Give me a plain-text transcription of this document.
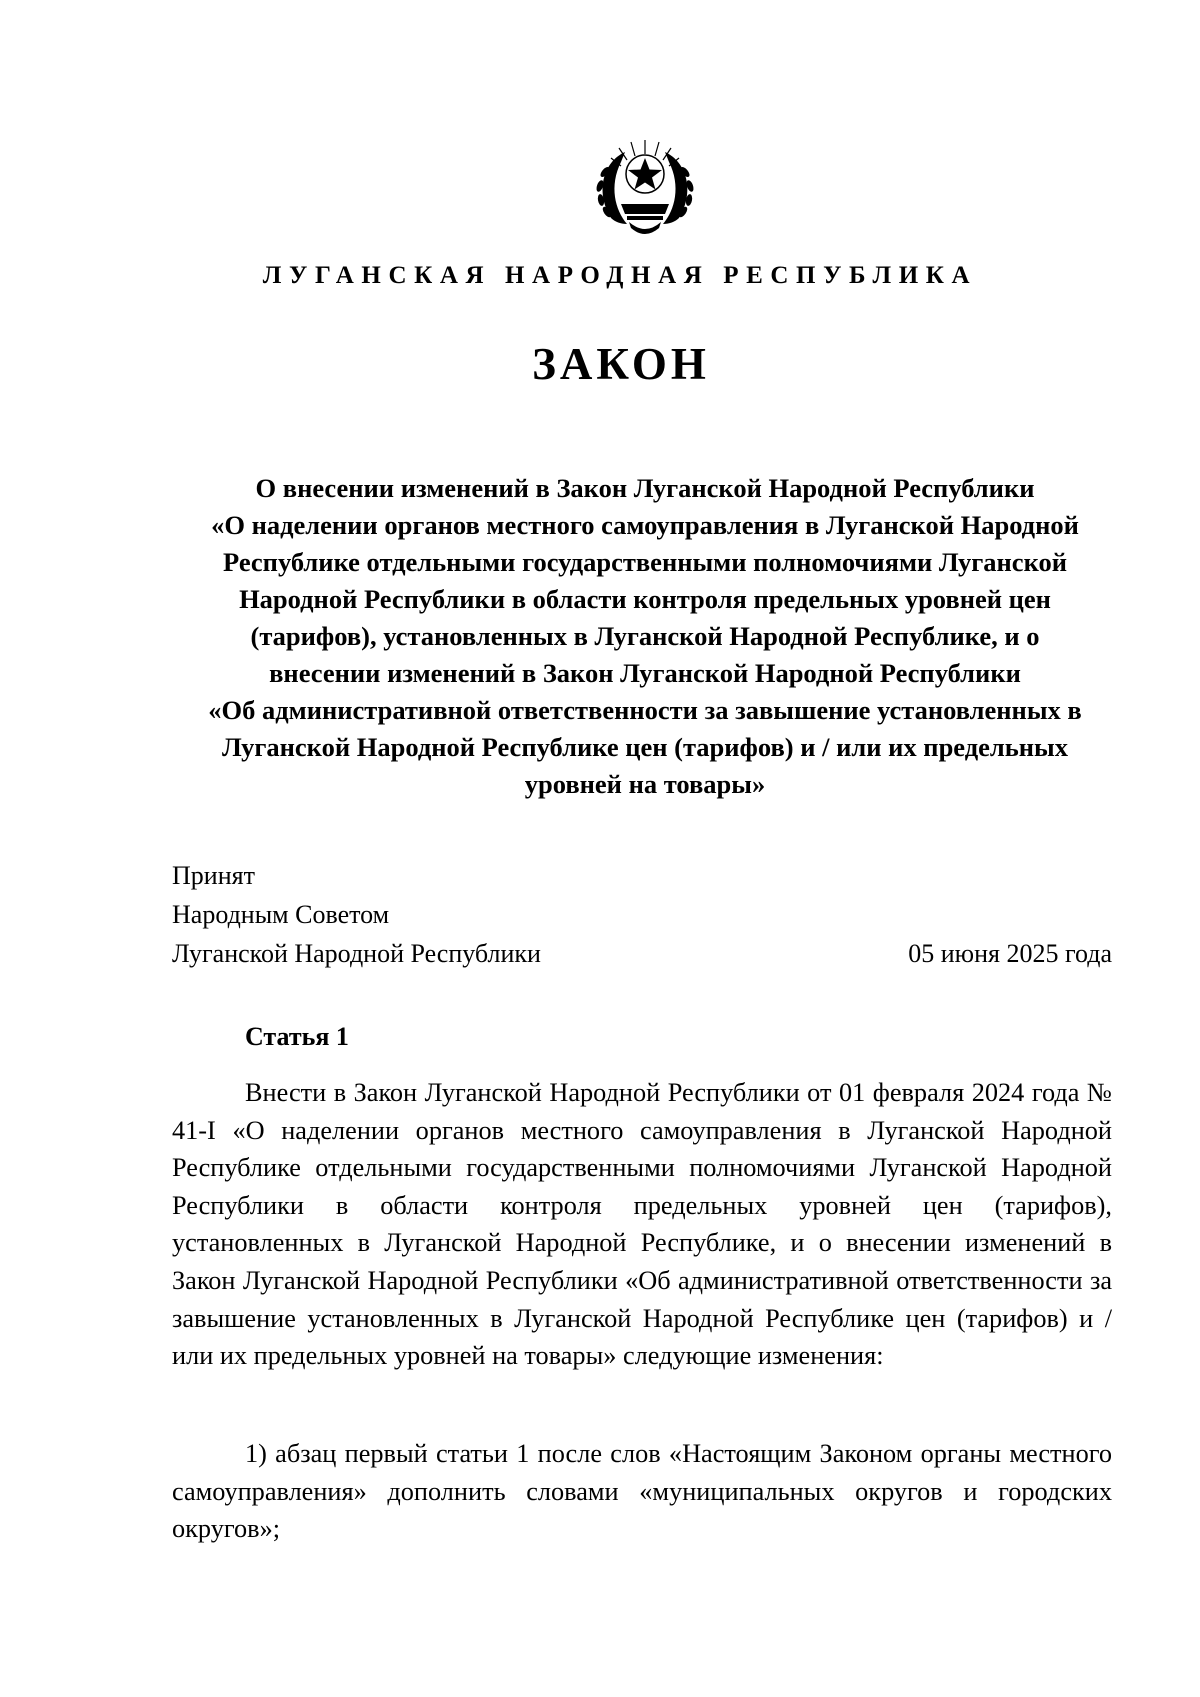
ЛУГАНСКАЯ НАРОДНАЯ РЕСПУБЛИКА
ЗАКОН
О внесении изменений в Закон Луганской Народной Республики
«О наделении органов местного самоуправления в Луганской Народной
Республике отдельными государственными полномочиями Луганской
Народной Республики в области контроля предельных уровней цен
(тарифов), установленных в Луганской Народной Республике, и о
внесении изменений в Закон Луганской Народной Республики
«Об административной ответственности за завышение установленных в
Луганской Народной Республике цен (тарифов) и / или их предельных
уровней на товары»
Принят
Народным Советом
Луганской Народной Республики	05 июня 2025 года
Статья 1

Внести в Закон Луганской Народной Республики от 01 февраля 2024 года № 41-I «О наделении органов местного самоуправления в Луганской Народной Республике отдельными государственными полномочиями Луганской Народной Республики в области контроля предельных уровней цен (тарифов), установленных в Луганской Народной Республике, и о внесении изменений в Закон Луганской Народной Республики «Об административной ответственности за завышение установленных в Луганской Народной Республике цен (тарифов) и / или их предельных уровней на товары» следующие изменения:

1) абзац первый статьи 1 после слов «Настоящим Законом органы местного самоуправления» дополнить словами «муниципальных округов и городских округов»;
